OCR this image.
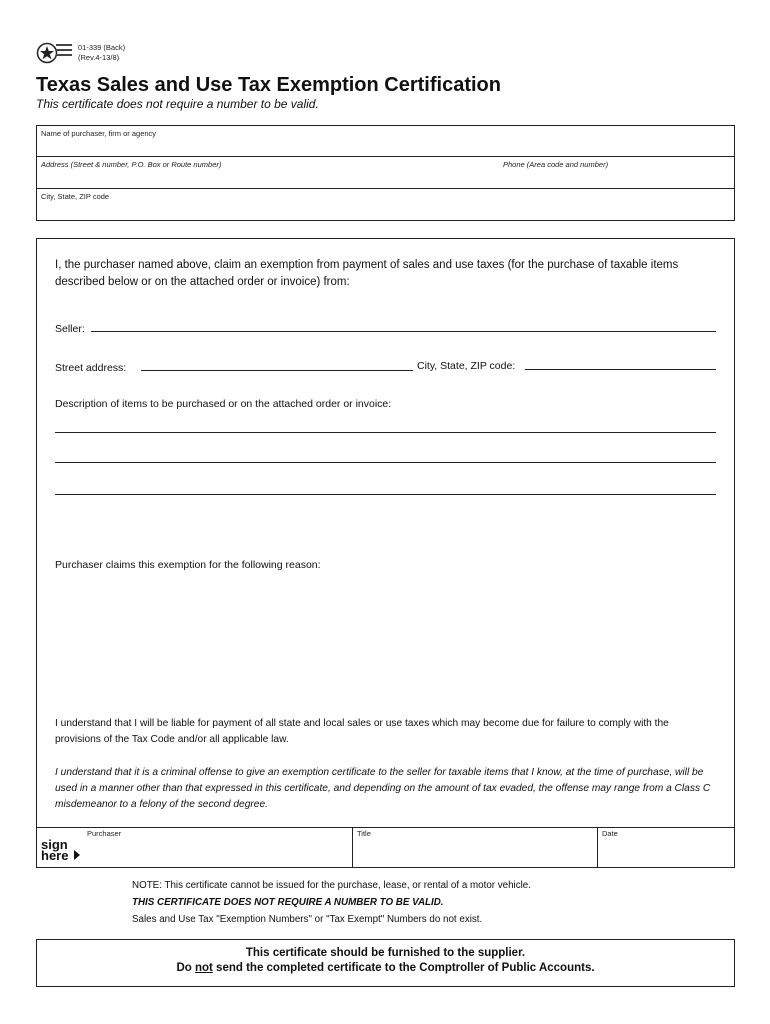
01-339 (Back)
(Rev.4-13/8)
Texas Sales and Use Tax Exemption Certification
This certificate does not require a number to be valid.
Name of purchaser, firm or agency
Address (Street & number, P.O. Box or Route number)	Phone (Area code and number)
City, State, ZIP code
I, the purchaser named above, claim an exemption from payment of sales and use taxes (for the purchase of taxable items described below or on the attached order or invoice) from:
Seller:
Street address:	City, State, ZIP code:
Description of items to be purchased or on the attached order or invoice:
Purchaser claims this exemption for the following reason:
I understand that I will be liable for payment of all state and local sales or use taxes which may become due for failure to comply with the provisions of the Tax Code and/or all applicable law.
I understand that it is a criminal offense to give an exemption certificate to the seller for taxable items that I know, at the time of purchase, will be used in a manner other than that expressed in this certificate, and depending on the amount of tax evaded, the offense may range from a Class C misdemeanor to a felony of the second degree.
sign
here
Purchaser	Title	Date
NOTE: This certificate cannot be issued for the purchase, lease, or rental of a motor vehicle.
THIS CERTIFICATE DOES NOT REQUIRE A NUMBER TO BE VALID.
Sales and Use Tax "Exemption Numbers" or "Tax Exempt" Numbers do not exist.
This certificate should be furnished to the supplier.
Do not send the completed certificate to the Comptroller of Public Accounts.
